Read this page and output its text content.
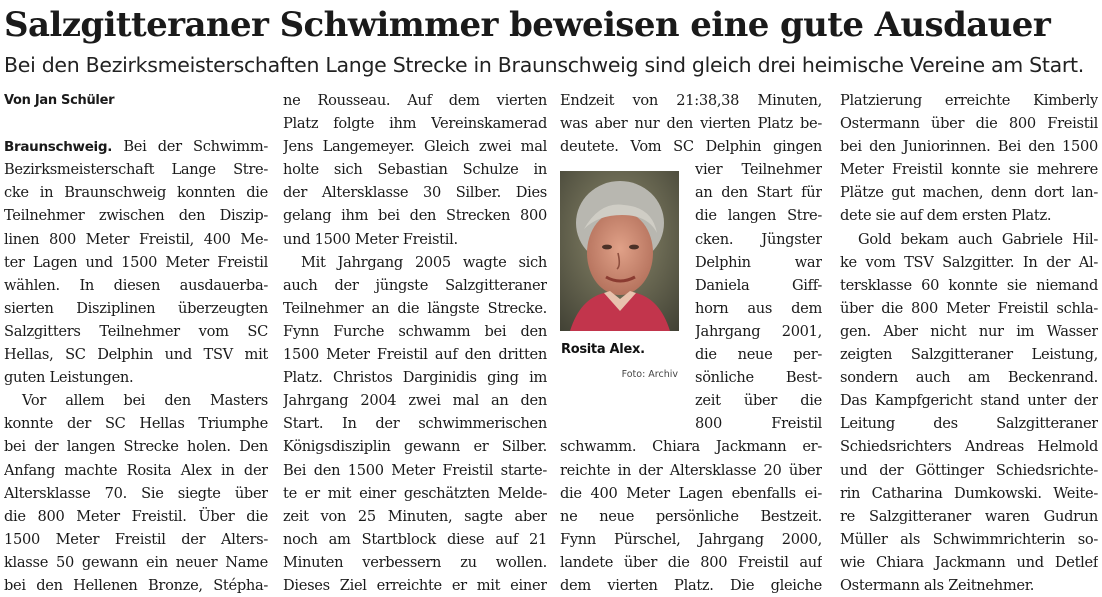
Salzgitteraner Schwimmer beweisen eine gute Ausdauer
Bei den Bezirksmeisterschaften Lange Strecke in Braunschweig sind gleich drei heimische Vereine am Start.
Von Jan Schüler
Braunschweig. Bei der Schwimm-
Bezirksmeisterschaft Lange Stre-
cke in Braunschweig konnten die
Teilnehmer zwischen den Diszip-
linen 800 Meter Freistil, 400 Me-
ter Lagen und 1500 Meter Freistil
wählen. In diesen ausdauerba-
sierten Disziplinen überzeugten
Salzgitters Teilnehmer vom SC
Hellas, SC Delphin und TSV mit
guten Leistungen.
Vor allem bei den Masters
konnte der SC Hellas Triumphe
bei der langen Strecke holen. Den
Anfang machte Rosita Alex in der
Altersklasse 70. Sie siegte über
die 800 Meter Freistil. Über die
1500 Meter Freistil der Alters-
klasse 50 gewann ein neuer Name
bei den Hellenen Bronze, Stépha-
ne Rousseau. Auf dem vierten
Platz folgte ihm Vereinskamerad
Jens Langemeyer. Gleich zwei mal
holte sich Sebastian Schulze in
der Altersklasse 30 Silber. Dies
gelang ihm bei den Strecken 800
und 1500 Meter Freistil.
Mit Jahrgang 2005 wagte sich
auch der jüngste Salzgitteraner
Teilnehmer an die längste Strecke.
Fynn Furche schwamm bei den
1500 Meter Freistil auf den dritten
Platz. Christos Darginidis ging im
Jahrgang 2004 zwei mal an den
Start. In der schwimmerischen
Königsdisziplin gewann er Silber.
Bei den 1500 Meter Freistil starte-
te er mit einer geschätzten Melde-
zeit von 25 Minuten, sagte aber
noch am Startblock diese auf 21
Minuten verbessern zu wollen.
Dieses Ziel erreichte er mit einer
Endzeit von 21:38,38 Minuten,
was aber nur den vierten Platz be-
deutete. Vom SC Delphin gingen
vier Teilnehmer
an den Start für
die langen Stre-
cken. Jüngster
Delphin war
Daniela Giff-
horn aus dem
Jahrgang 2001,
die neue per-
sönliche Best-
zeit über die
800 Freistil
schwamm. Chiara Jackmann er-
reichte in der Altersklasse 20 über
die 400 Meter Lagen ebenfalls ei-
ne neue persönliche Bestzeit.
Fynn Pürschel, Jahrgang 2000,
landete über die 800 Freistil auf
dem vierten Platz. Die gleiche
Rosita Alex.
Foto: Archiv
Platzierung erreichte Kimberly
Ostermann über die 800 Freistil
bei den Juniorinnen. Bei den 1500
Meter Freistil konnte sie mehrere
Plätze gut machen, denn dort lan-
dete sie auf dem ersten Platz.
Gold bekam auch Gabriele Hil-
ke vom TSV Salzgitter. In der Al-
tersklasse 60 konnte sie niemand
über die 800 Meter Freistil schla-
gen. Aber nicht nur im Wasser
zeigten Salzgitteraner Leistung,
sondern auch am Beckenrand.
Das Kampfgericht stand unter der
Leitung des Salzgitteraner
Schiedsrichters Andreas Helmold
und der Göttinger Schiedsrichte-
rin Catharina Dumkowski. Weite-
re Salzgitteraner waren Gudrun
Müller als Schwimmrichterin so-
wie Chiara Jackmann und Detlef
Ostermann als Zeitnehmer.
